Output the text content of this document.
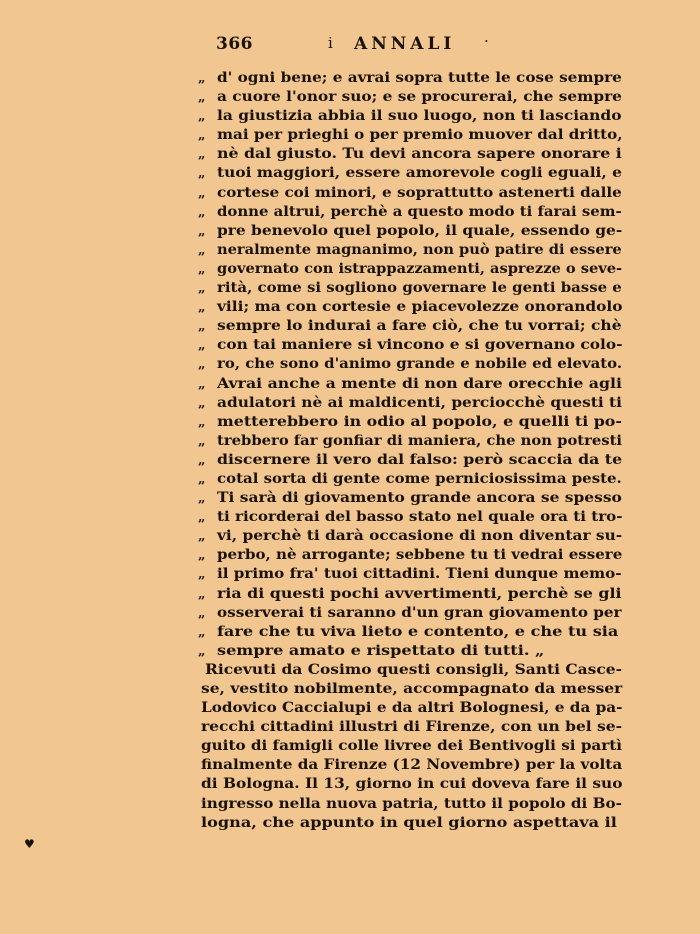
366	i ANNALI ·
„ d' ogni bene; e avrai sopra tutte le cose sempre
„ a cuore l'onor suo; e se procurerai, che sempre
„ la giustizia abbia il suo luogo, non ti lasciando
„ mai per prieghi o per premio muover dal dritto,
„ nè dal giusto. Tu devi ancora sapere onorare i
„ tuoi maggiori, essere amorevole cogli eguali, e
„ cortese coi minori, e soprattutto astenerti dalle
„ donne altrui, perchè a questo modo ti farai sem-
„ pre benevolo quel popolo, il quale, essendo ge-
„ neralmente magnanimo, non può patire di essere
„ governato con istrappazzamenti, asprezze o seve-
„ rità, come si sogliono governare le genti basse e
„ vili; ma con cortesie e piacevolezze onorandolo
„ sempre lo indurai a fare ciò, che tu vorrai; chè
„ con tai maniere si vincono e si governano colo-
„ ro, che sono d'animo grande e nobile ed elevato.
„ Avrai anche a mente di non dare orecchie agli
„ adulatori nè ai maldicenti, perciocchè questi ti
„ metterebbero in odio al popolo, e quelli ti po-
„ trebbero far gonfiar di maniera, che non potresti
„ discernere il vero dal falso: però scaccia da te
„ cotal sorta di gente come perniciosissima peste.
„ Ti sarà di giovamento grande ancora se spesso
„ ti ricorderai del basso stato nel quale ora ti tro-
„ vi, perchè ti darà occasione di non diventar su-
„ perbo, nè arrogante; sebbene tu ti vedrai essere
„ il primo fra' tuoi cittadini. Tieni dunque memo-
„ ria di questi pochi avvertimenti, perchè se gli
„ osserverai ti saranno d'un gran giovamento per
„ fare che tu viva lieto e contento, e che tu sia
„ sempre amato e rispettato di tutti. „
Ricevuti da Cosimo questi consigli, Santi Casce-
se, vestito nobilmente, accompagnato da messer
Lodovico Caccialupi e da altri Bolognesi, e da pa-
recchi cittadini illustri di Firenze, con un bel se-
guito di famigli colle livree dei Bentivogli si partì
finalmente da Firenze (12 Novembre) per la volta
di Bologna. Il 13, giorno in cui doveva fare il suo
ingresso nella nuova patria, tutto il popolo di Bo-
logna, che appunto in quel giorno aspettava il
♥
